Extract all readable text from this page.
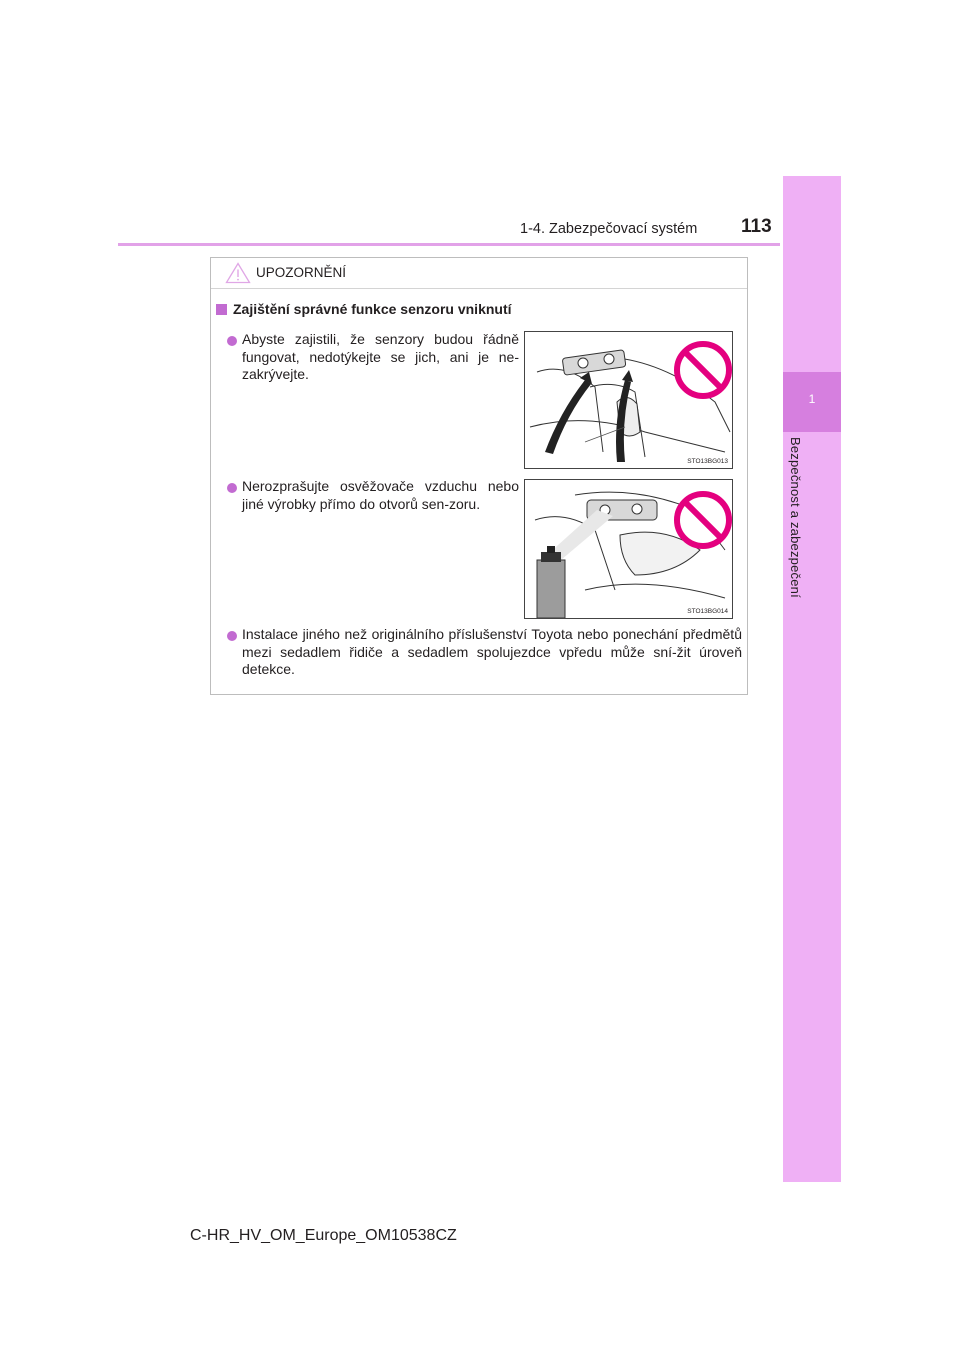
1-4. Zabezpečovací systém 113
1
Bezpečnost a zabezpečení
UPOZORNĚNÍ
Zajištění správné funkce senzoru vniknutí
Abyste zajistili, že senzory budou řádně fungovat, nedotýkejte se jich, ani je ne-zakrývejte.
STO13BG013
Nerozprašujte osvěžovače vzduchu nebo jiné výrobky přímo do otvorů sen-zoru.
STO13BG014
Instalace jiného než originálního příslušenství Toyota nebo ponechání předmětů mezi sedadlem řidiče a sedadlem spolujezdce vpředu může sní-žit úroveň detekce.
C-HR_HV_OM_Europe_OM10538CZ
